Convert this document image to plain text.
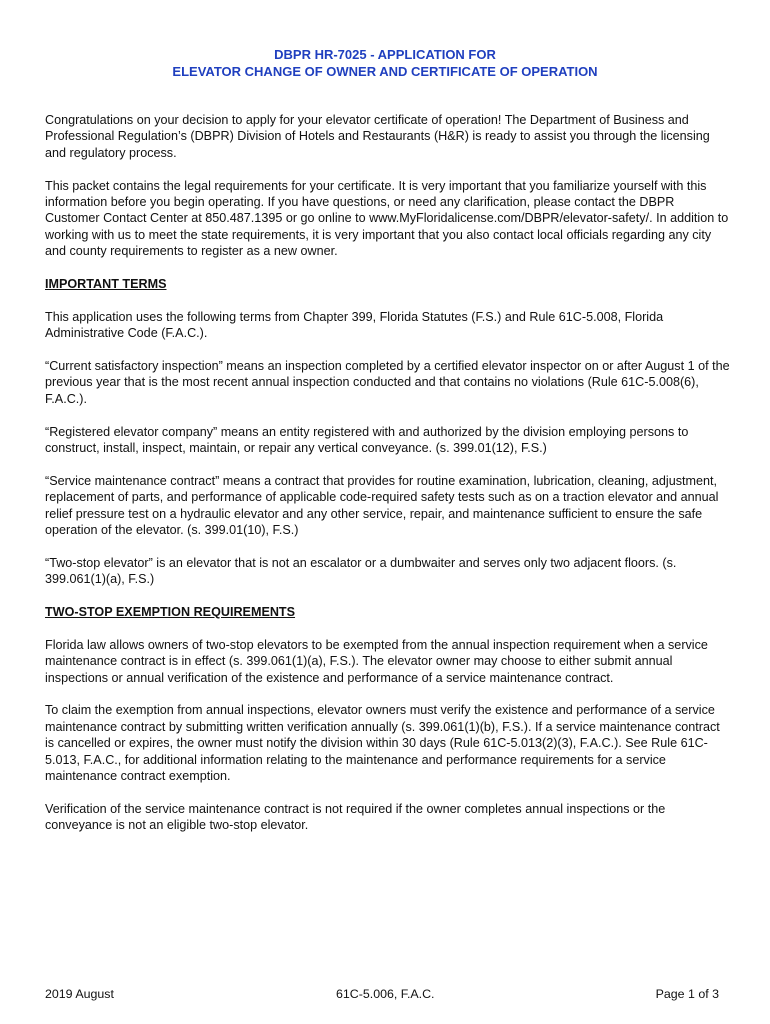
DBPR HR-7025 - APPLICATION FOR
ELEVATOR CHANGE OF OWNER AND CERTIFICATE OF OPERATION

Congratulations on your decision to apply for your elevator certificate of operation! The Department of Business and Professional Regulation’s (DBPR) Division of Hotels and Restaurants (H&R) is ready to assist you through the licensing and regulatory process.

This packet contains the legal requirements for your certificate. It is very important that you familiarize yourself with this information before you begin operating. If you have questions, or need any clarification, please contact the DBPR Customer Contact Center at 850.487.1395 or go online to www.MyFloridalicense.com/DBPR/elevator-safety/. In addition to working with us to meet the state requirements, it is very important that you also contact local officials regarding any city and county requirements to register as a new owner.

IMPORTANT TERMS

This application uses the following terms from Chapter 399, Florida Statutes (F.S.) and Rule 61C-5.008, Florida Administrative Code (F.A.C.).

“Current satisfactory inspection” means an inspection completed by a certified elevator inspector on or after August 1 of the previous year that is the most recent annual inspection conducted and that contains no violations (Rule 61C-5.008(6), F.A.C.).

“Registered elevator company” means an entity registered with and authorized by the division employing persons to construct, install, inspect, maintain, or repair any vertical conveyance. (s. 399.01(12), F.S.)

“Service maintenance contract” means a contract that provides for routine examination, lubrication, cleaning, adjustment, replacement of parts, and performance of applicable code-required safety tests such as on a traction elevator and annual relief pressure test on a hydraulic elevator and any other service, repair, and maintenance sufficient to ensure the safe operation of the elevator. (s. 399.01(10), F.S.)

“Two-stop elevator” is an elevator that is not an escalator or a dumbwaiter and serves only two adjacent floors. (s. 399.061(1)(a), F.S.)

TWO-STOP EXEMPTION REQUIREMENTS

Florida law allows owners of two-stop elevators to be exempted from the annual inspection requirement when a service maintenance contract is in effect (s. 399.061(1)(a), F.S.). The elevator owner may choose to either submit annual inspections or annual verification of the existence and performance of a service maintenance contract.

To claim the exemption from annual inspections, elevator owners must verify the existence and performance of a service maintenance contract by submitting written verification annually (s. 399.061(1)(b), F.S.). If a service maintenance contract is cancelled or expires, the owner must notify the division within 30 days (Rule 61C-5.013(2)(3), F.A.C.). See Rule 61C-5.013, F.A.C., for additional information relating to the maintenance and performance requirements for a service maintenance contract exemption.

Verification of the service maintenance contract is not required if the owner completes annual inspections or the conveyance is not an eligible two-stop elevator.

2019 August	61C-5.006, F.A.C.	Page 1 of 3
